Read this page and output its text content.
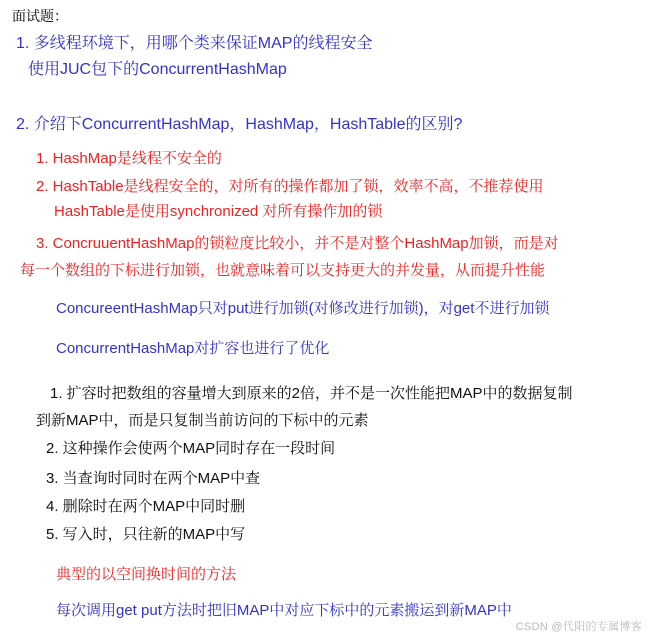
面试题：
1. 多线程环境下，用哪个类来保证MAP的线程安全
使用JUC包下的ConcurrentHashMap
2. 介绍下ConcurrentHashMap，HashMap，HashTable的区别?
1. HashMap是线程不安全的
2. HashTable是线程安全的，对所有的操作都加了锁，效率不高，不推荐使用
HashTable是使用synchronized 对所有操作加的锁
3. ConcruuentHashMap的锁粒度比较小，并不是对整个HashMap加锁，而是对
每一个数组的下标进行加锁，也就意味着可以支持更大的并发量，从而提升性能
ConcureentHashMap只对put进行加锁(对修改进行加锁)，对get不进行加锁
ConcurrentHashMap对扩容也进行了优化
1. 扩容时把数组的容量增大到原来的2倍，并不是一次性能把MAP中的数据复制
到新MAP中，而是只复制当前访问的下标中的元素
2. 这种操作会使两个MAP同时存在一段时间
3. 当查询时同时在两个MAP中查
4. 删除时在两个MAP中同时删
5. 写入时，只往新的MAP中写
典型的以空间换时间的方法
每次调用get put方法时把旧MAP中对应下标中的元素搬运到新MAP中
CSDN @代阳的专属博客
